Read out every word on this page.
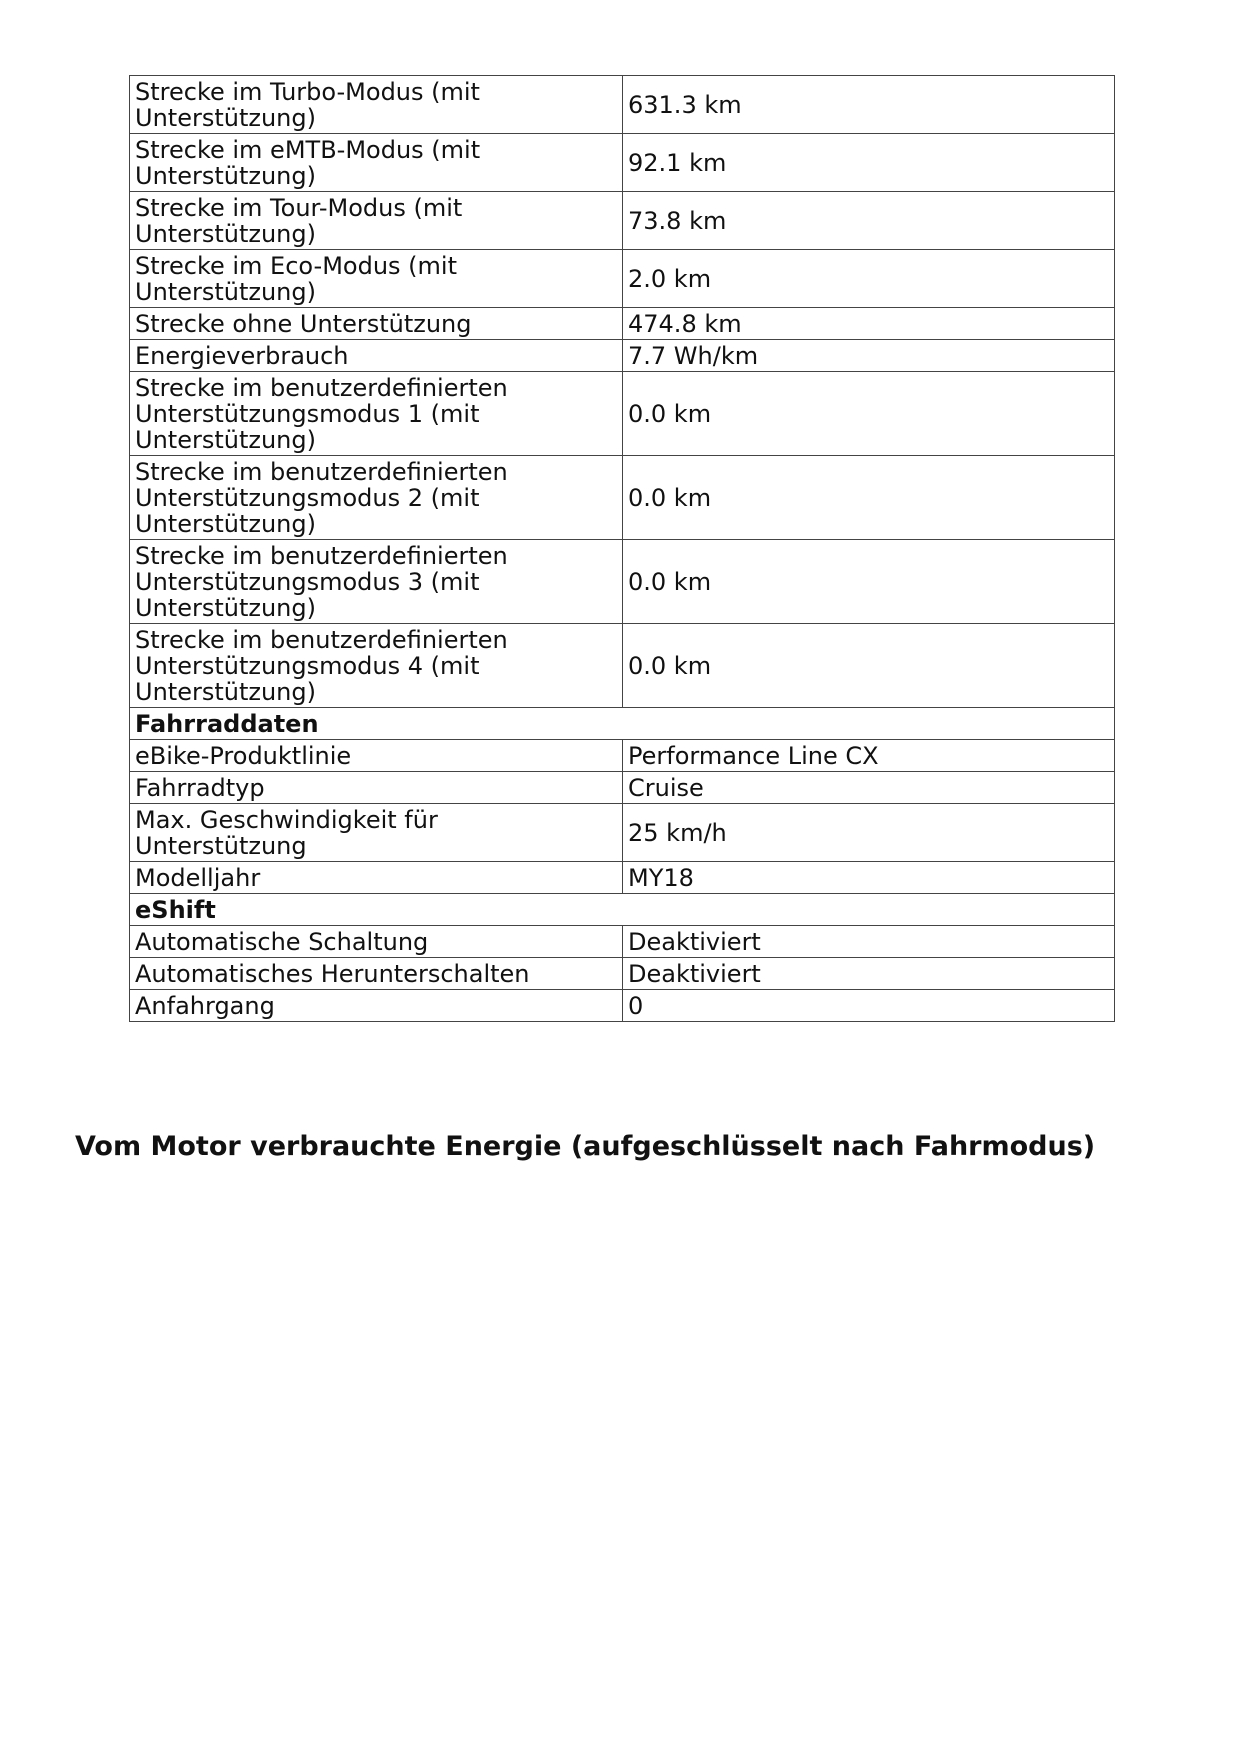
Strecke im Turbo-Modus (mit Unterstützung)	631.3 km
Strecke im eMTB-Modus (mit Unterstützung)	92.1 km
Strecke im Tour-Modus (mit Unterstützung)	73.8 km
Strecke im Eco-Modus (mit Unterstützung)	2.0 km
Strecke ohne Unterstützung	474.8 km
Energieverbrauch	7.7 Wh/km
Strecke im benutzerdefinierten Unterstützungsmodus 1 (mit Unterstützung)	0.0 km
Strecke im benutzerdefinierten Unterstützungsmodus 2 (mit Unterstützung)	0.0 km
Strecke im benutzerdefinierten Unterstützungsmodus 3 (mit Unterstützung)	0.0 km
Strecke im benutzerdefinierten Unterstützungsmodus 4 (mit Unterstützung)	0.0 km
Fahrraddaten	
eBike-Produktlinie	Performance Line CX
Fahrradtyp	Cruise
Max. Geschwindigkeit für Unterstützung	25 km/h
Modelljahr	MY18
eShift	
Automatische Schaltung	Deaktiviert
Automatisches Herunterschalten	Deaktiviert
Anfahrgang	0
Vom Motor verbrauchte Energie (aufgeschlüsselt nach Fahrmodus)
